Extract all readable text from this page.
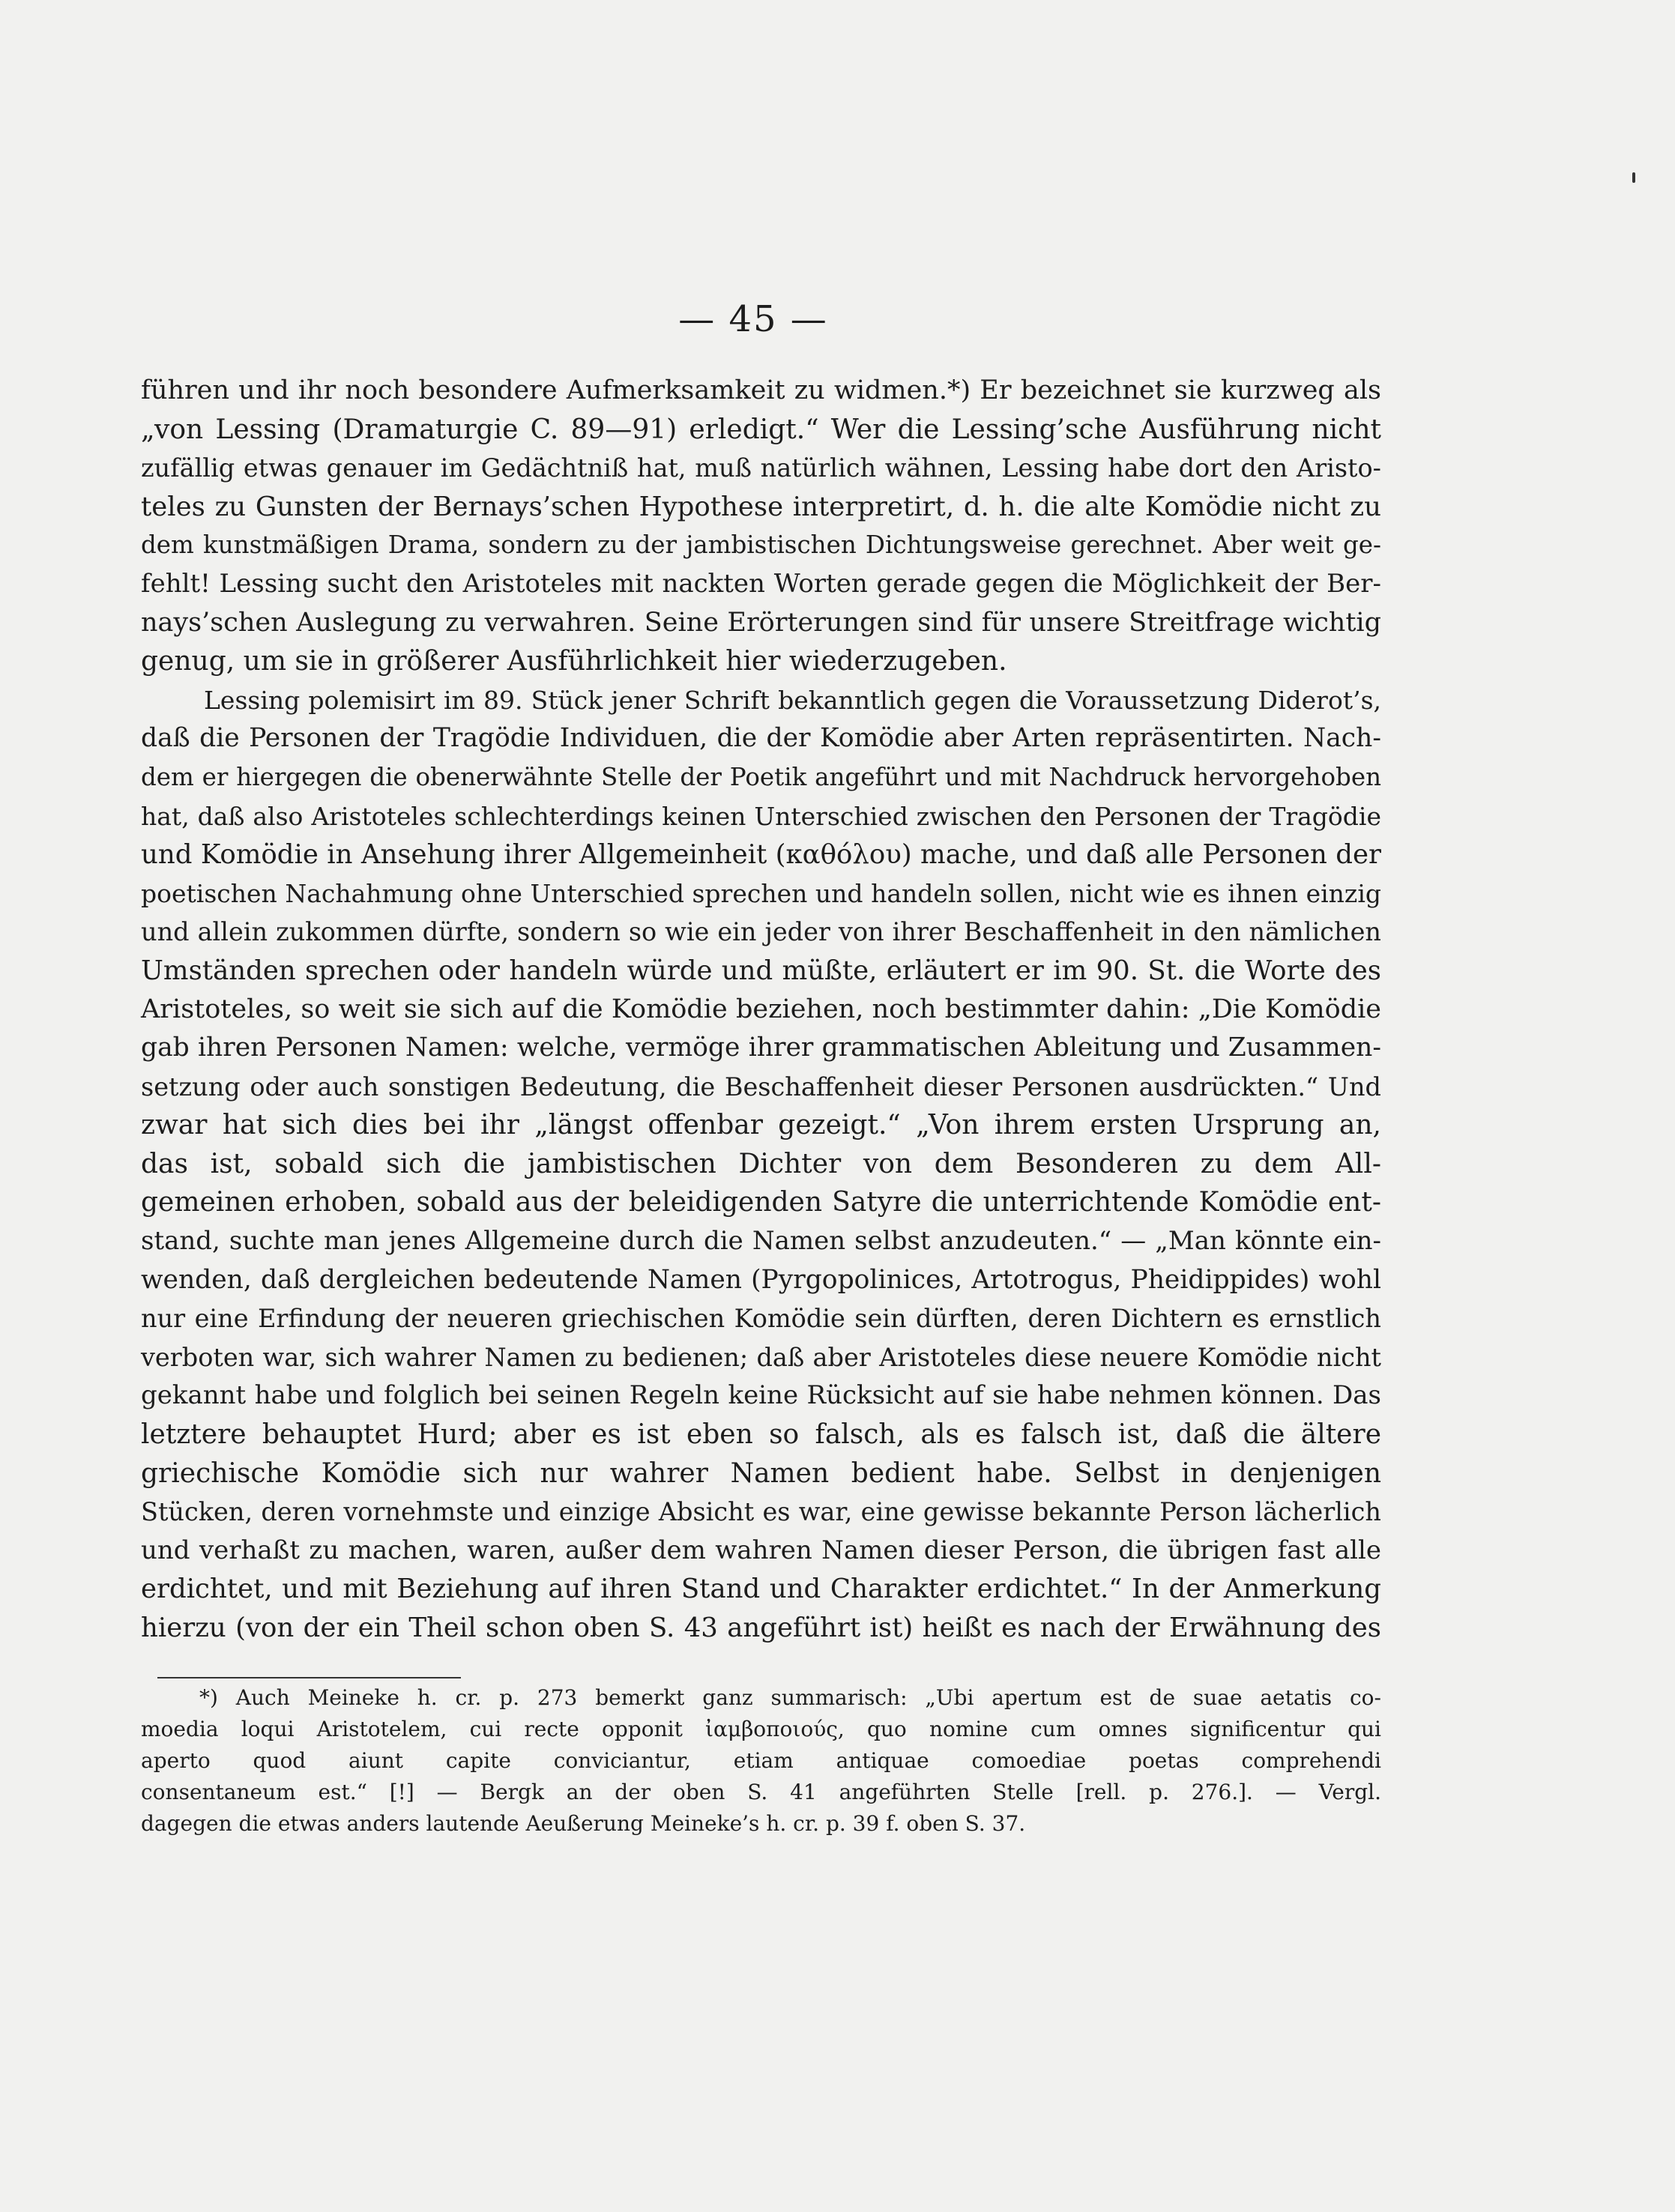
— 45 —
führen und ihr noch besondere Aufmerksamkeit zu widmen.*) Er bezeichnet sie kurzweg als
„von Lessing (Dramaturgie C. 89—91) erledigt.“ Wer die Lessing’sche Ausführung nicht
zufällig etwas genauer im Gedächtniß hat, muß natürlich wähnen, Lessing habe dort den Aristo-
teles zu Gunsten der Bernays’schen Hypothese interpretirt, d. h. die alte Komödie nicht zu
dem kunstmäßigen Drama, sondern zu der jambistischen Dichtungsweise gerechnet. Aber weit ge-
fehlt! Lessing sucht den Aristoteles mit nackten Worten gerade gegen die Möglichkeit der Ber-
nays’schen Auslegung zu verwahren. Seine Erörterungen sind für unsere Streitfrage wichtig
genug, um sie in größerer Ausführlichkeit hier wiederzugeben.
Lessing polemisirt im 89. Stück jener Schrift bekanntlich gegen die Voraussetzung Diderot’s,
daß die Personen der Tragödie Individuen, die der Komödie aber Arten repräsentirten. Nach-
dem er hiergegen die obenerwähnte Stelle der Poetik angeführt und mit Nachdruck hervorgehoben
hat, daß also Aristoteles schlechterdings keinen Unterschied zwischen den Personen der Tragödie
und Komödie in Ansehung ihrer Allgemeinheit (καθόλου) mache, und daß alle Personen der
poetischen Nachahmung ohne Unterschied sprechen und handeln sollen, nicht wie es ihnen einzig
und allein zukommen dürfte, sondern so wie ein jeder von ihrer Beschaffenheit in den nämlichen
Umständen sprechen oder handeln würde und müßte, erläutert er im 90. St. die Worte des
Aristoteles, so weit sie sich auf die Komödie beziehen, noch bestimmter dahin: „Die Komödie
gab ihren Personen Namen: welche, vermöge ihrer grammatischen Ableitung und Zusammen-
setzung oder auch sonstigen Bedeutung, die Beschaffenheit dieser Personen ausdrückten.“ Und
zwar hat sich dies bei ihr „längst offenbar gezeigt.“ „Von ihrem ersten Ursprung an,
das ist, sobald sich die jambistischen Dichter von dem Besonderen zu dem All-
gemeinen erhoben, sobald aus der beleidigenden Satyre die unterrichtende Komödie ent-
stand, suchte man jenes Allgemeine durch die Namen selbst anzudeuten.“ — „Man könnte ein-
wenden, daß dergleichen bedeutende Namen (Pyrgopolinices, Artotrogus, Pheidippides) wohl
nur eine Erfindung der neueren griechischen Komödie sein dürften, deren Dichtern es ernstlich
verboten war, sich wahrer Namen zu bedienen; daß aber Aristoteles diese neuere Komödie nicht
gekannt habe und folglich bei seinen Regeln keine Rücksicht auf sie habe nehmen können. Das
letztere behauptet Hurd; aber es ist eben so falsch, als es falsch ist, daß die ältere
griechische Komödie sich nur wahrer Namen bedient habe. Selbst in denjenigen
Stücken, deren vornehmste und einzige Absicht es war, eine gewisse bekannte Person lächerlich
und verhaßt zu machen, waren, außer dem wahren Namen dieser Person, die übrigen fast alle
erdichtet, und mit Beziehung auf ihren Stand und Charakter erdichtet.“ In der Anmerkung
hierzu (von der ein Theil schon oben S. 43 angeführt ist) heißt es nach der Erwähnung des
*) Auch Meineke h. cr. p. 273 bemerkt ganz summarisch: „Ubi apertum est de suae aetatis co-
moedia loqui Aristotelem, cui recte opponit ἰαμβοποιούς, quo nomine cum omnes significentur qui
aperto quod aiunt capite conviciantur, etiam antiquae comoediae poetas comprehendi
consentaneum est.“ [!] — Bergk an der oben S. 41 angeführten Stelle [rell. p. 276.]. — Vergl.
dagegen die etwas anders lautende Aeußerung Meineke’s h. cr. p. 39 f. oben S. 37.
